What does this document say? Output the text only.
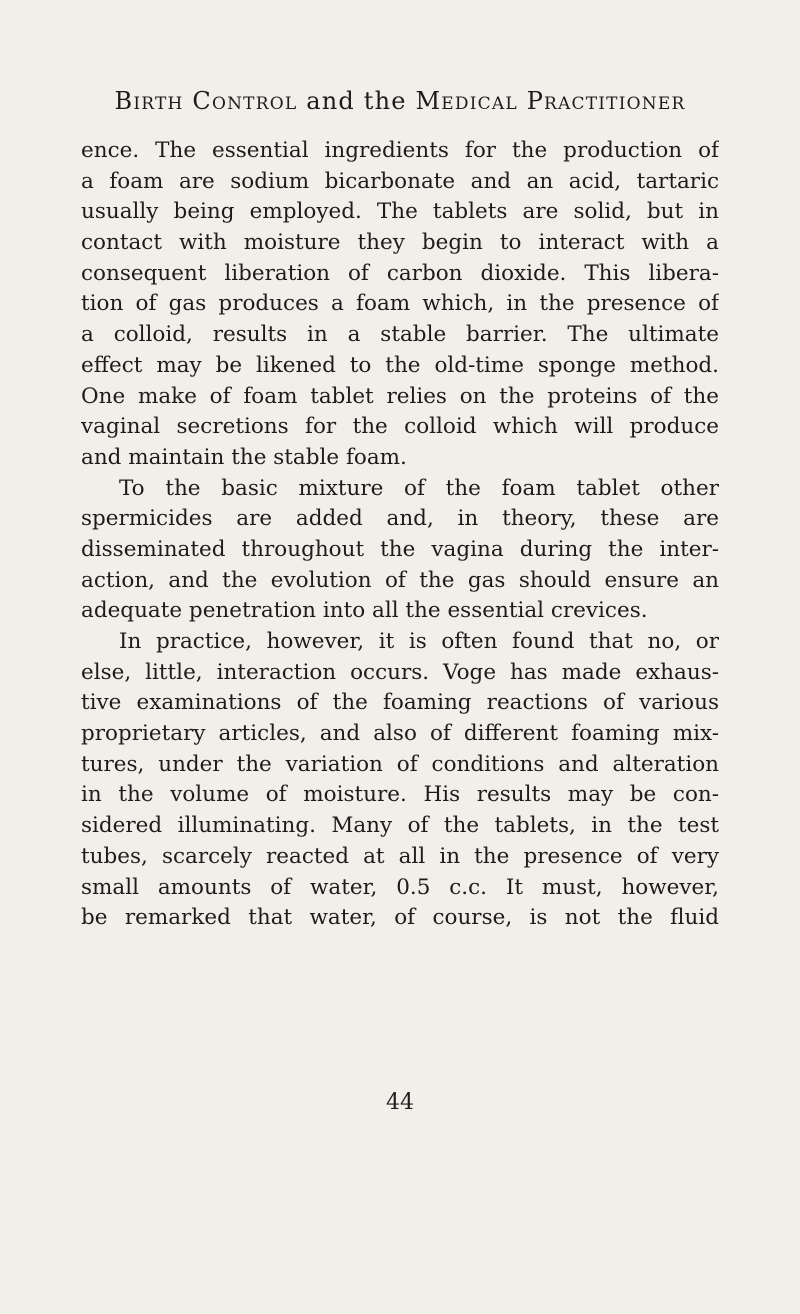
Birth Control and the Medical Practitioner
ence. The essential ingredients for the production of
a foam are sodium bicarbonate and an acid, tartaric
usually being employed. The tablets are solid, but in
contact with moisture they begin to interact with a
consequent liberation of carbon dioxide. This libera-
tion of gas produces a foam which, in the presence of
a colloid, results in a stable barrier. The ultimate
effect may be likened to the old-time sponge method.
One make of foam tablet relies on the proteins of the
vaginal secretions for the colloid which will produce
and maintain the stable foam.
To the basic mixture of the foam tablet other
spermicides are added and, in theory, these are
disseminated throughout the vagina during the inter-
action, and the evolution of the gas should ensure an
adequate penetration into all the essential crevices.
In practice, however, it is often found that no, or
else, little, interaction occurs. Voge has made exhaus-
tive examinations of the foaming reactions of various
proprietary articles, and also of different foaming mix-
tures, under the variation of conditions and alteration
in the volume of moisture. His results may be con-
sidered illuminating. Many of the tablets, in the test
tubes, scarcely reacted at all in the presence of very
small amounts of water, 0.5 c.c. It must, however,
be remarked that water, of course, is not the fluid
44
